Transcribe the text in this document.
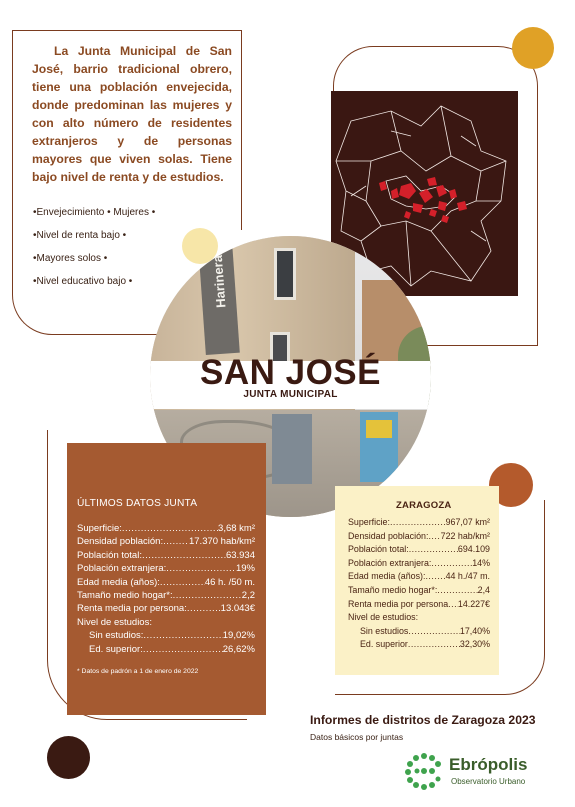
La Junta Municipal de San José, barrio tradicional obrero, tiene una población envejecida, donde predominan las mujeres y con alto número de residentes extranjeros y de personas mayores que viven solas. Tiene bajo nivel de renta y de estudios.

• Envejecimiento • Mujeres •
• Nivel de renta bajo •
• Mayores solos •
• Nivel educativo bajo •	Harinera
SAN JOSÉ
JUNTA MUNICIPAL
ÚLTIMOS DATOS JUNTA
Superficie: .....	3,68 km²
Densidad población: .....	17.370 hab/km²
Población total: .....	63.934
Población extranjera: .....	19%
Edad media (años): .....	46 h. /50 m.
Tamaño medio hogar*: .....	2,2
Renta media por persona: .....	13.043€
Nivel de estudios:
Sin estudios: .....	19,02%
Ed. superior: .....	26,62%
* Datos de padrón a 1 de enero de 2022
ZARAGOZA
Superficie: .....	967,07 km²
Densidad población: ..... 722 hab/km²
Población total: .....	694.109
Población extranjera: .....	14%
Edad media (años): ..... 44 h./47 m.
Tamaño medio hogar*: .....	2,4
Renta media por persona ..... 14.227€
Nivel de estudios:
Sin estudios .....	17,40%
Ed. superior .....	32,30%
Informes de distritos de Zaragoza 2023
Datos básicos por juntas
Ebrópolis
Observatorio Urbano
